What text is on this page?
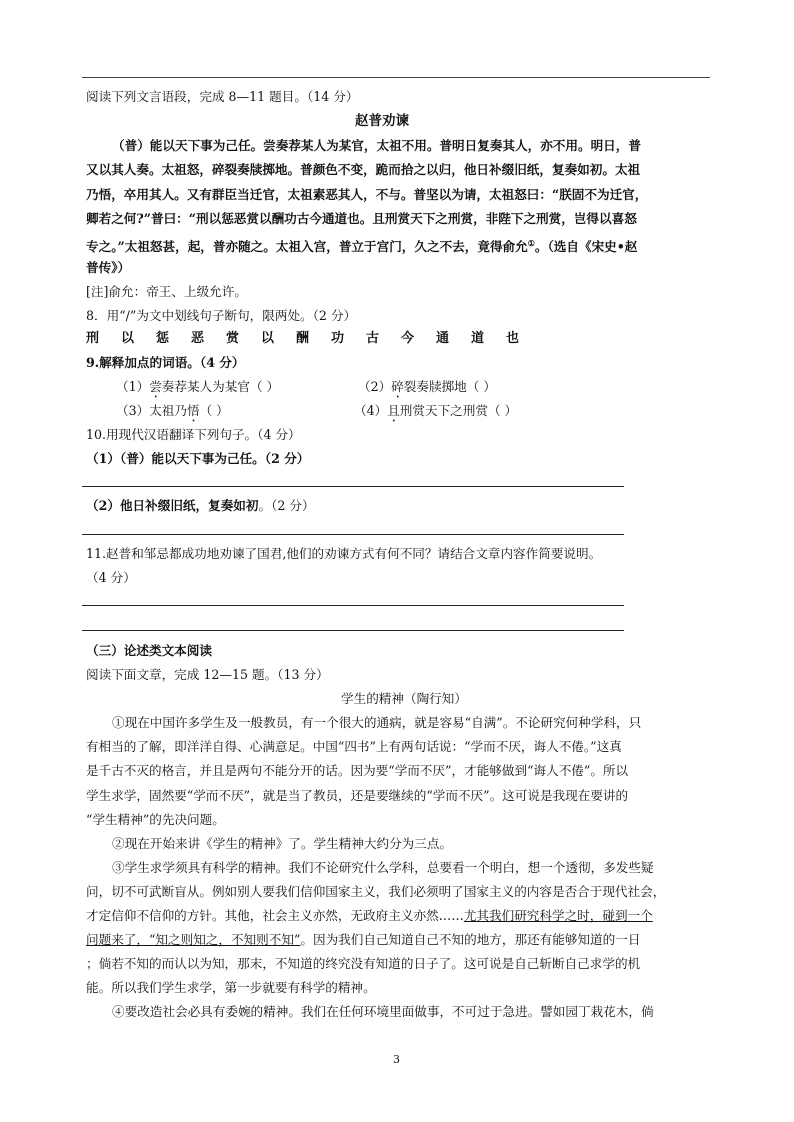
阅读下列文言语段，完成 8—11 题目。（14 分）
赵普劝谏
（普）能以天下事为己任。尝奏荐某人为某官，太祖不用。普明日复奏其人，亦不用。明日，普
又以其人奏。太祖怒，碎裂奏牍掷地。普颜色不变，跪而拾之以归，他日补缀旧纸，复奏如初。太祖
乃悟，卒用其人。又有群臣当迁官，太祖素恶其人，不与。普坚以为请，太祖怒曰：“朕固不为迁官，
卿若之何?”普曰：“刑以惩恶赏以酬功古今通道也。且刑赏天下之刑赏，非陛下之刑赏，岂得以喜怒
专之。”太祖怒甚，起，普亦随之。太祖入宫，普立于宫门，久之不去，竟得俞允①。（选自《宋史•赵
普传》）
[注]俞允：帝王、上级允许。
8．用“/”为文中划线句子断句，限两处。（2 分）
刑以惩恶赏以酬功古今通道也
9.解释加点的词语。（4 分）
（1）尝奏荐某人为某官（ ）	（2）碎裂奏牍掷地（ ）
（3）太祖乃悟（ ）	（4）且刑赏天下之刑赏（ ）
10.用现代汉语翻译下列句子。（4 分）
（1）（普）能以天下事为己任。（2 分）
（2）他日补缀旧纸，复奏如初。（2 分）
11.赵普和邹忌都成功地劝谏了国君,他们的劝谏方式有何不同？请结合文章内容作简要说明。
（4 分）
（三）论述类文本阅读
阅读下面文章，完成 12—15 题。（13 分）
学生的精神（陶行知）
①现在中国许多学生及一般教员，有一个很大的通病，就是容易“自满”。不论研究何种学科，只
有相当的了解，即洋洋自得、心满意足。中国“四书”上有两句话说：“学而不厌，诲人不倦。”这真
是千古不灭的格言，并且是两句不能分开的话。因为要“学而不厌”，才能够做到“诲人不倦”。所以
学生求学，固然要“学而不厌”，就是当了教员，还是要继续的“学而不厌”。这可说是我现在要讲的
“学生精神”的先决问题。
②现在开始来讲《学生的精神》了。学生精神大约分为三点。
③学生求学须具有科学的精神。我们不论研究什么学科，总要看一个明白，想一个透彻，多发些疑
问，切不可武断盲从。例如别人要我们信仰国家主义，我们必须明了国家主义的内容是否合于现代社会，
才定信仰不信仰的方针。其他，社会主义亦然，无政府主义亦然……尤其我们研究科学之时，碰到一个
问题来了，“知之则知之，不知则不知”。因为我们自己知道自己不知的地方，那还有能够知道的一日
；倘若不知的而认以为知，那末，不知道的终究没有知道的日子了。这可说是自己斩断自己求学的机
能。所以我们学生求学，第一步就要有科学的精神。
④要改造社会必具有委婉的精神。我们在任何环境里面做事，不可过于急进。譬如园丁栽花木，倘
3
